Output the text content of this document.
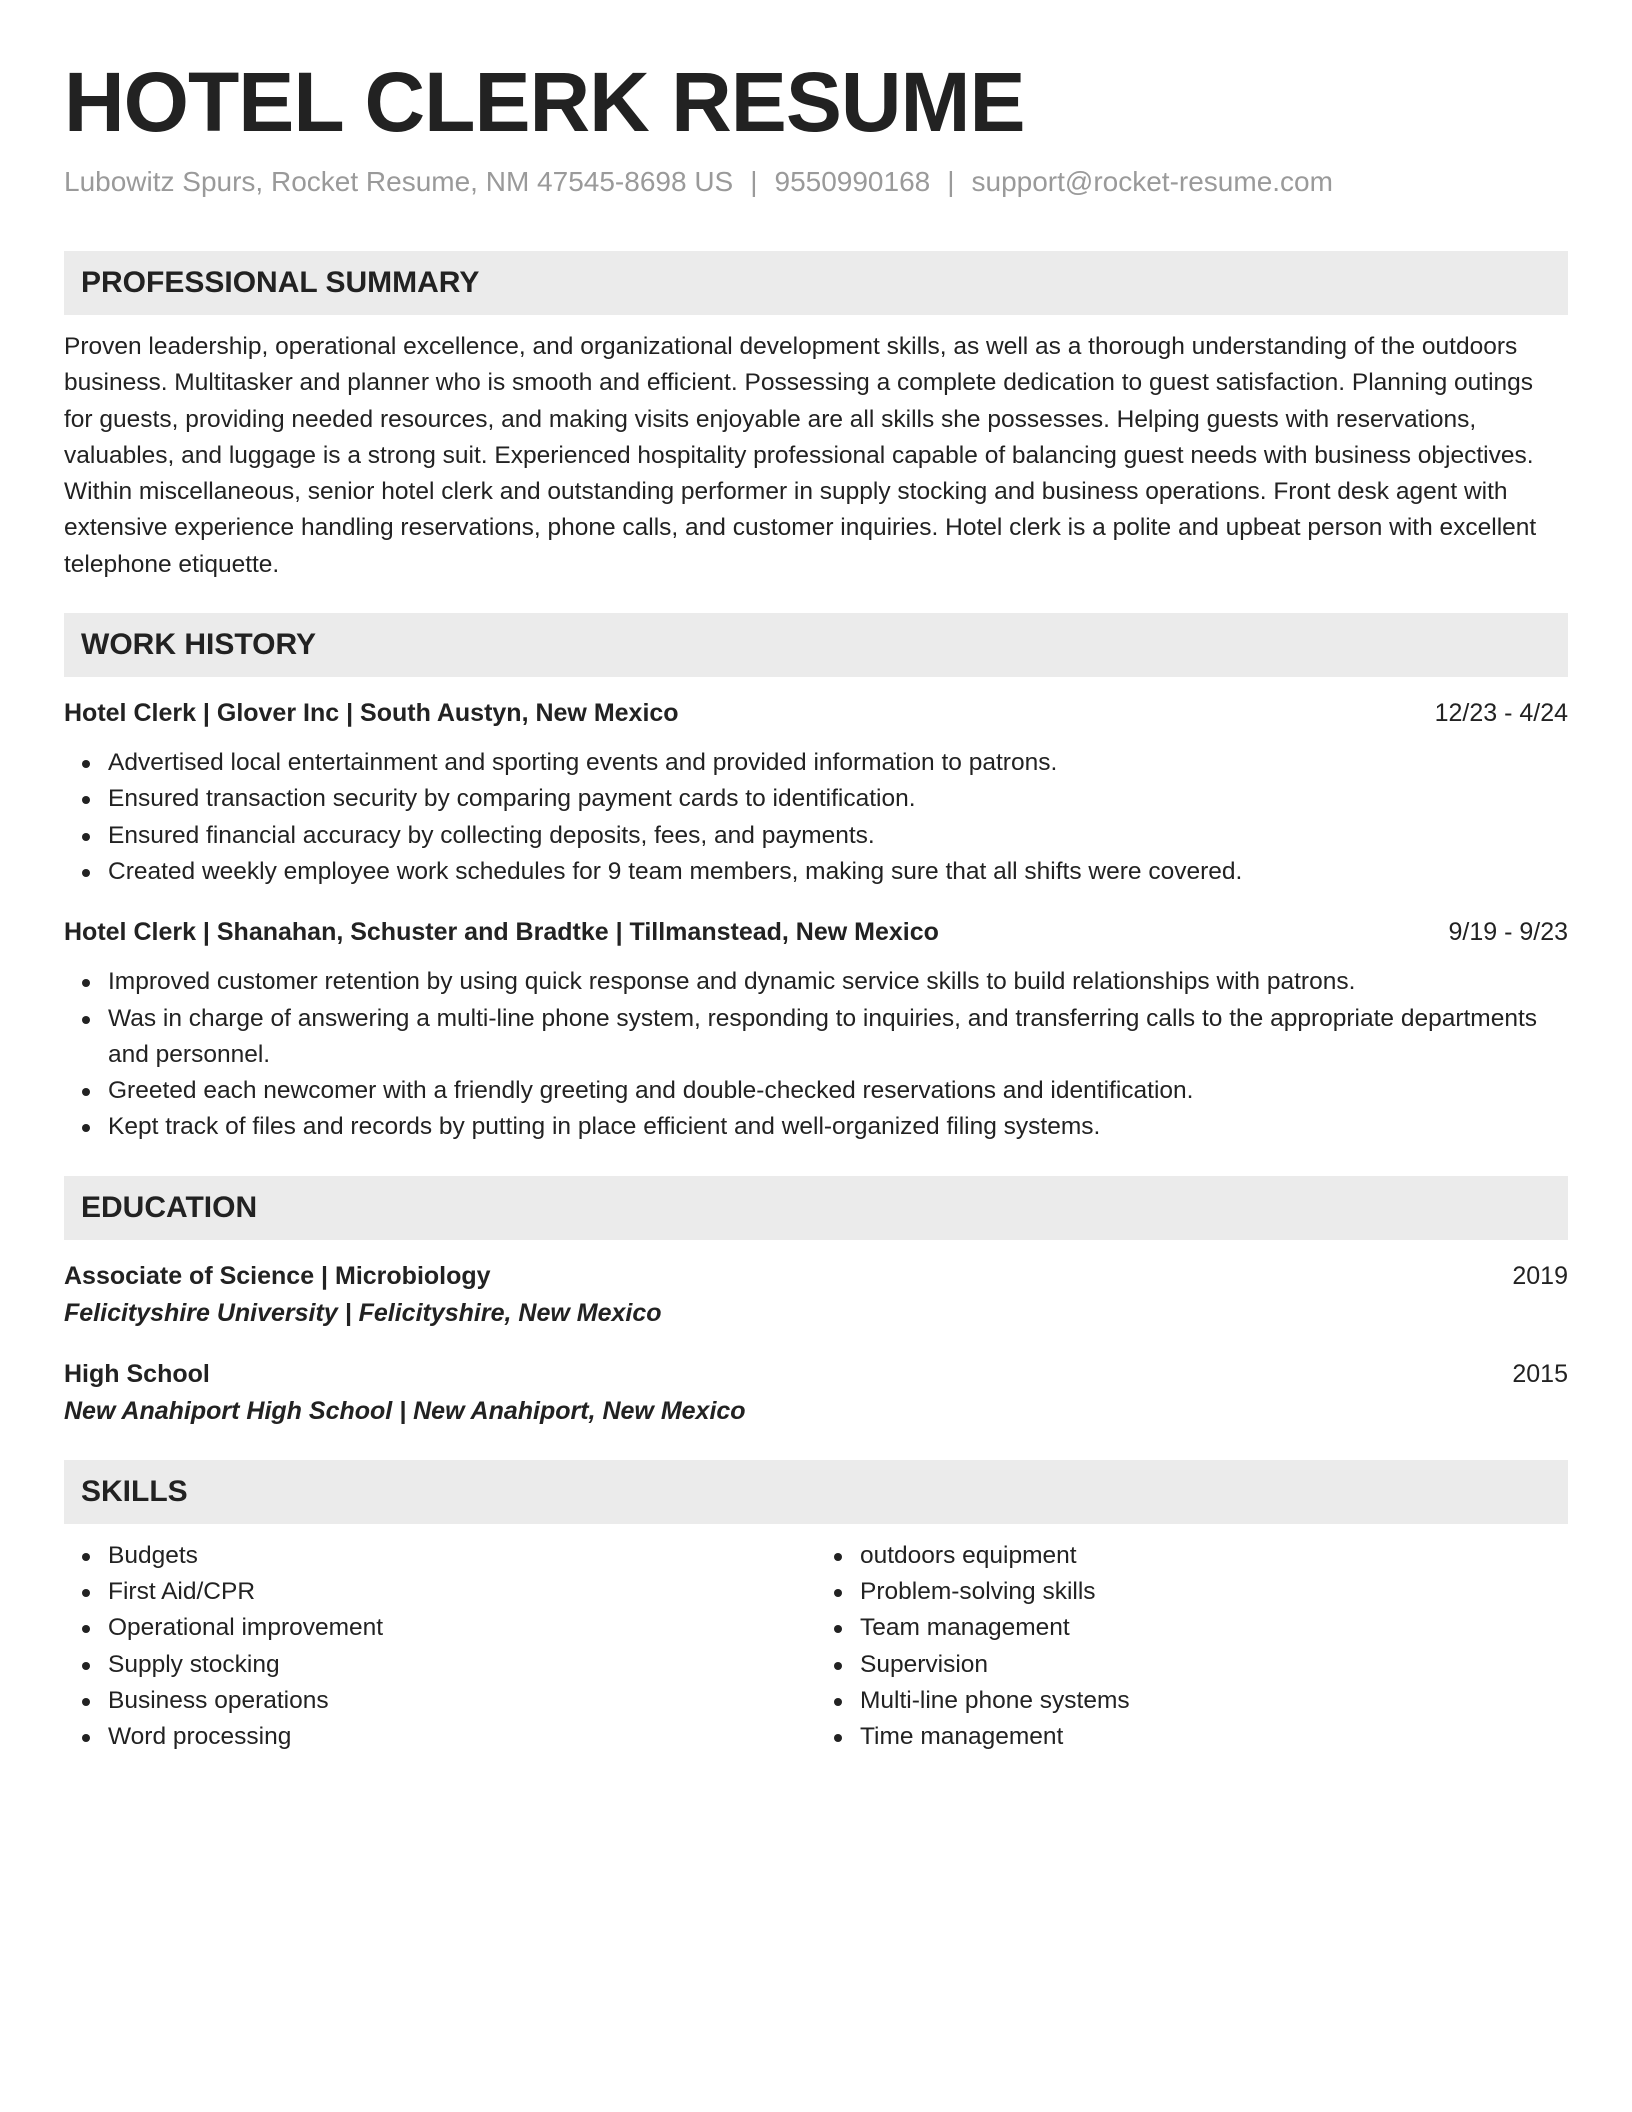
HOTEL CLERK RESUME
Lubowitz Spurs, Rocket Resume, NM 47545-8698 US | 9550990168 | support@rocket-resume.com
PROFESSIONAL SUMMARY

Proven leadership, operational excellence, and organizational development skills, as well as a thorough understanding of the outdoors business. Multitasker and planner who is smooth and efficient. Possessing a complete dedication to guest satisfaction. Planning outings for guests, providing needed resources, and making visits enjoyable are all skills she possesses. Helping guests with reservations, valuables, and luggage is a strong suit. Experienced hospitality professional capable of balancing guest needs with business objectives. Within miscellaneous, senior hotel clerk and outstanding performer in supply stocking and business operations. Front desk agent with extensive experience handling reservations, phone calls, and customer inquiries. Hotel clerk is a polite and upbeat person with excellent telephone etiquette.

WORK HISTORY
Hotel Clerk | Glover Inc | South Austyn, New Mexico	12/23 - 4/24
Advertised local entertainment and sporting events and provided information to patrons.
Ensured transaction security by comparing payment cards to identification.
Ensured financial accuracy by collecting deposits, fees, and payments.
Created weekly employee work schedules for 9 team members, making sure that all shifts were covered.
Hotel Clerk | Shanahan, Schuster and Bradtke | Tillmanstead, New Mexico	9/19 - 9/23
Improved customer retention by using quick response and dynamic service skills to build relationships with patrons.
Was in charge of answering a multi-line phone system, responding to inquiries, and transferring calls to the appropriate departments and personnel.
Greeted each newcomer with a friendly greeting and double-checked reservations and identification.
Kept track of files and records by putting in place efficient and well-organized filing systems.
EDUCATION
Associate of Science | Microbiology	2019
Felicityshire University | Felicityshire, New Mexico
High School	2015
New Anahiport High School | New Anahiport, New Mexico
SKILLS
Budgets
First Aid/CPR
Operational improvement
Supply stocking
Business operations
Word processing
outdoors equipment
Problem-solving skills
Team management
Supervision
Multi-line phone systems
Time management
